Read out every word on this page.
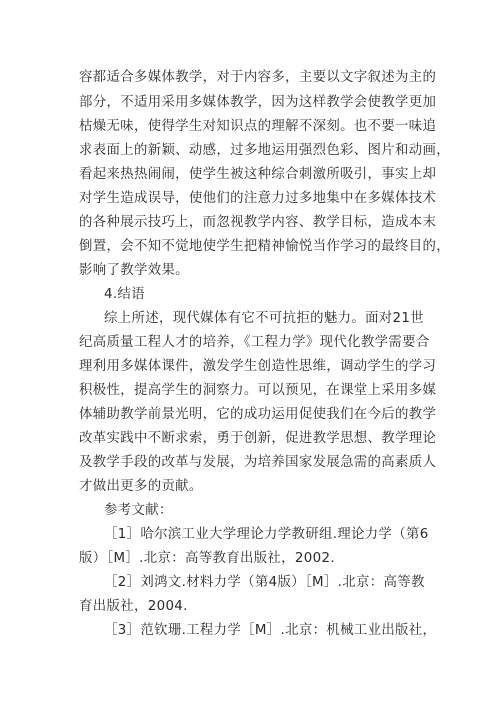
容都适合多媒体教学，对于内容多，主要以文字叙述为主的
部分，不适用采用多媒体教学，因为这样教学会使教学更加
枯燥无味，使得学生对知识点的理解不深刻。也不要一味追
求表面上的新颖、动感，过多地运用强烈色彩、图片和动画，
看起来热热闹闹，使学生被这种综合刺激所吸引，事实上却
对学生造成误导，使他们的注意力过多地集中在多媒体技术
的各种展示技巧上，而忽视教学内容、教学目标，造成本末
倒置，会不知不觉地使学生把精神愉悦当作学习的最终目的，
影响了教学效果。
4.结语
综上所述，现代媒体有它不可抗拒的魅力。面对21世
纪高质量工程人才的培养，《工程力学》现代化教学需要合
理利用多媒体课件，激发学生创造性思维，调动学生的学习
积极性，提高学生的洞察力。可以预见，在课堂上采用多媒
体辅助教学前景光明，它的成功运用促使我们在今后的教学
改革实践中不断求索，勇于创新，促进教学思想、教学理论
及教学手段的改革与发展，为培养国家发展急需的高素质人
才做出更多的贡献。
参考文献：
［1］哈尔滨工业大学理论力学教研组.理论力学（第6
版）［M］.北京：高等教育出版社，2002.
［2］刘鸿文.材料力学（第4版）［M］.北京：高等教
育出版社，2004.
［3］范钦珊.工程力学［M］.北京：机械工业出版社，
